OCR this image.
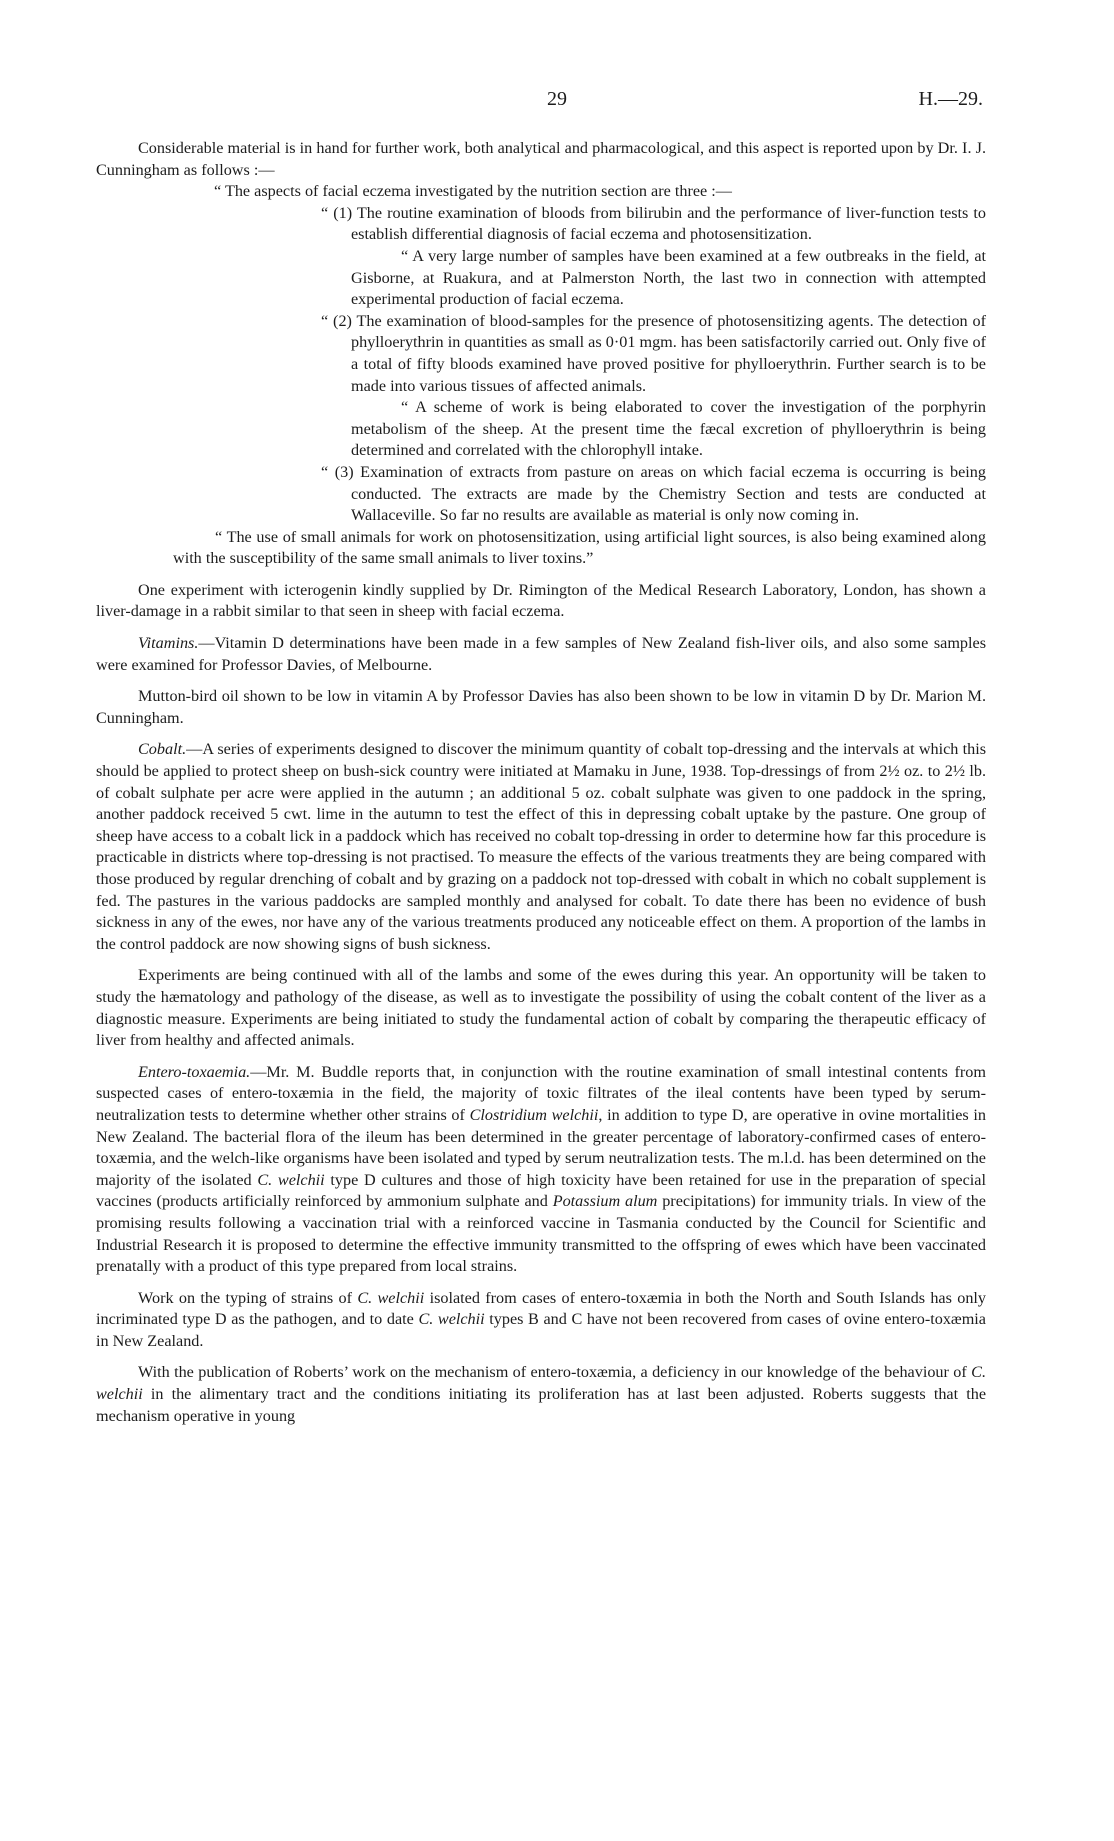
29	H.—29.

Considerable material is in hand for further work, both analytical and pharmacological, and this aspect is reported upon by Dr. I. J. Cunningham as follows :—

“ The aspects of facial eczema investigated by the nutrition section are three :—

“ (1) The routine examination of bloods from bilirubin and the performance of liver-function tests to establish differential diagnosis of facial eczema and photosensitization.

“ A very large number of samples have been examined at a few outbreaks in the field, at Gisborne, at Ruakura, and at Palmerston North, the last two in connection with attempted experimental production of facial eczema.

“ (2) The examination of blood-samples for the presence of photosensitizing agents. The detection of phylloerythrin in quantities as small as 0·01 mgm. has been satisfactorily carried out. Only five of a total of fifty bloods examined have proved positive for phylloerythrin. Further search is to be made into various tissues of affected animals.

“ A scheme of work is being elaborated to cover the investigation of the porphyrin metabolism of the sheep. At the present time the fæcal excretion of phylloerythrin is being determined and correlated with the chlorophyll intake.

“ (3) Examination of extracts from pasture on areas on which facial eczema is occurring is being conducted. The extracts are made by the Chemistry Section and tests are conducted at Wallaceville. So far no results are available as material is only now coming in.

“ The use of small animals for work on photosensitization, using artificial light sources, is also being examined along with the susceptibility of the same small animals to liver toxins.”

One experiment with icterogenin kindly supplied by Dr. Rimington of the Medical Research Laboratory, London, has shown a liver-damage in a rabbit similar to that seen in sheep with facial eczema.

Vitamins.—Vitamin D determinations have been made in a few samples of New Zealand fish-liver oils, and also some samples were examined for Professor Davies, of Melbourne.

Mutton-bird oil shown to be low in vitamin A by Professor Davies has also been shown to be low in vitamin D by Dr. Marion M. Cunningham.

Cobalt.—A series of experiments designed to discover the minimum quantity of cobalt top-dressing and the intervals at which this should be applied to protect sheep on bush-sick country were initiated at Mamaku in June, 1938. Top-dressings of from 2½ oz. to 2½ lb. of cobalt sulphate per acre were applied in the autumn ; an additional 5 oz. cobalt sulphate was given to one paddock in the spring, another paddock received 5 cwt. lime in the autumn to test the effect of this in depressing cobalt uptake by the pasture. One group of sheep have access to a cobalt lick in a paddock which has received no cobalt top-dressing in order to determine how far this procedure is practicable in districts where top-dressing is not practised. To measure the effects of the various treatments they are being compared with those produced by regular drenching of cobalt and by grazing on a paddock not top-dressed with cobalt in which no cobalt supplement is fed. The pastures in the various paddocks are sampled monthly and analysed for cobalt. To date there has been no evidence of bush sickness in any of the ewes, nor have any of the various treatments produced any noticeable effect on them. A proportion of the lambs in the control paddock are now showing signs of bush sickness.

Experiments are being continued with all of the lambs and some of the ewes during this year. An opportunity will be taken to study the hæmatology and pathology of the disease, as well as to investigate the possibility of using the cobalt content of the liver as a diagnostic measure. Experiments are being initiated to study the fundamental action of cobalt by comparing the therapeutic efficacy of liver from healthy and affected animals.

Entero-toxaemia.—Mr. M. Buddle reports that, in conjunction with the routine examination of small intestinal contents from suspected cases of entero-toxæmia in the field, the majority of toxic filtrates of the ileal contents have been typed by serum-neutralization tests to determine whether other strains of Clostridium welchii, in addition to type D, are operative in ovine mortalities in New Zealand. The bacterial flora of the ileum has been determined in the greater percentage of laboratory-confirmed cases of entero-toxæmia, and the welch-like organisms have been isolated and typed by serum neutralization tests. The m.l.d. has been determined on the majority of the isolated C. welchii type D cultures and those of high toxicity have been retained for use in the preparation of special vaccines (products artificially reinforced by ammonium sulphate and Potassium alum precipitations) for immunity trials. In view of the promising results following a vaccination trial with a reinforced vaccine in Tasmania conducted by the Council for Scientific and Industrial Research it is proposed to determine the effective immunity transmitted to the offspring of ewes which have been vaccinated prenatally with a product of this type prepared from local strains.

Work on the typing of strains of C. welchii isolated from cases of entero-toxæmia in both the North and South Islands has only incriminated type D as the pathogen, and to date C. welchii types B and C have not been recovered from cases of ovine entero-toxæmia in New Zealand.

With the publication of Roberts’ work on the mechanism of entero-toxæmia, a deficiency in our knowledge of the behaviour of C. welchii in the alimentary tract and the conditions initiating its proliferation has at last been adjusted. Roberts suggests that the mechanism operative in young
